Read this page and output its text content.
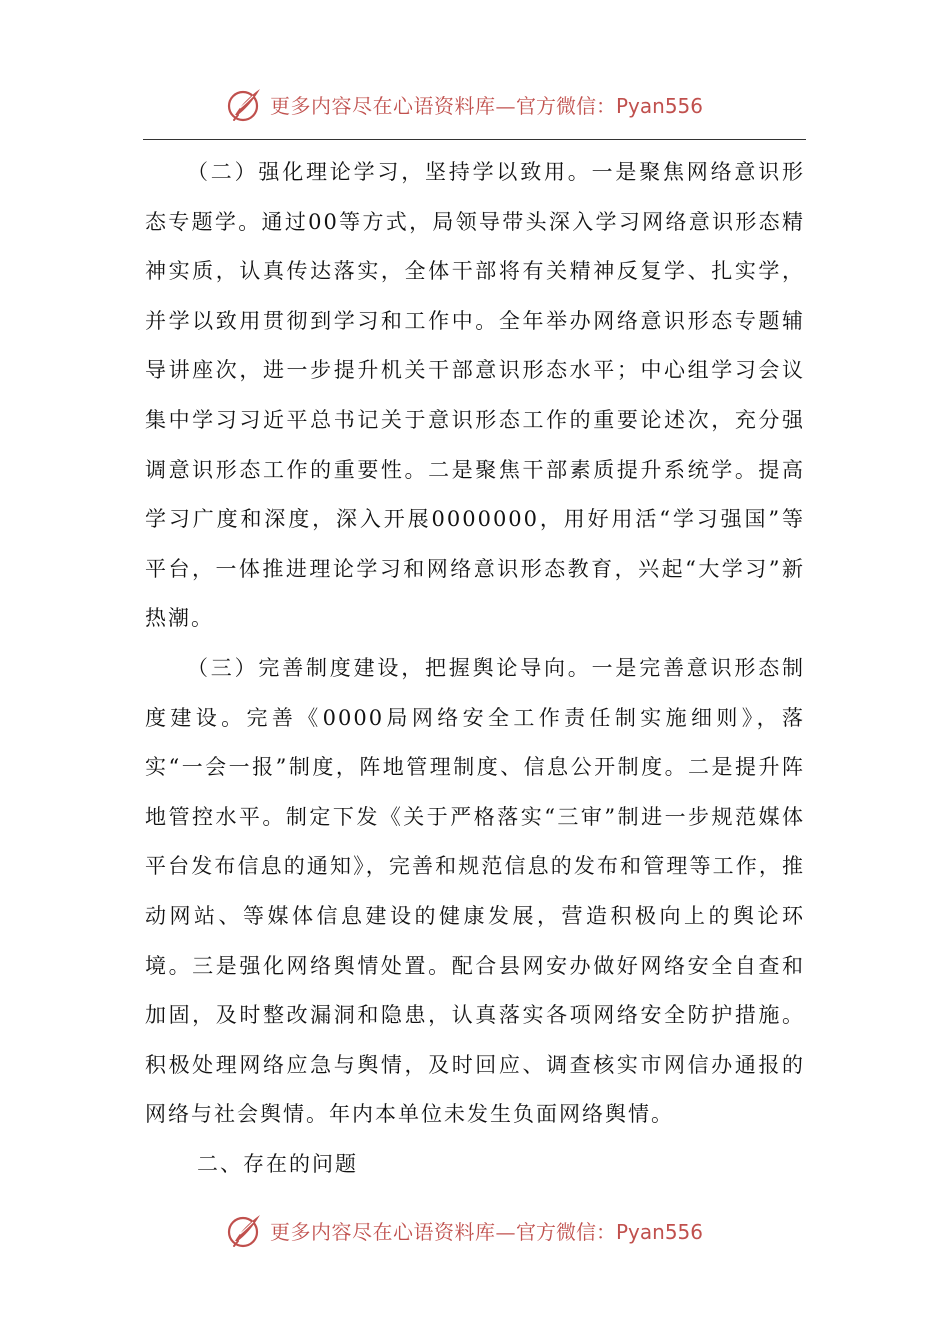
更多内容尽在心语资料库— 官方微信：Pyan556

（二）强化理论学习，坚持学以致用。一是聚焦网络意识形态专题学。通过00等方式，局领导带头深入学习网络意识形态精神实质，认真传达落实，全体干部将有关精神反复学、扎实学，并学以致用贯彻到学习和工作中。全年举办网络意识形态专题辅导讲座次，进一步提升机关干部意识形态水平；中心组学习会议集中学习习近平总书记关于意识形态工作的重要论述次，充分强调意识形态工作的重要性。二是聚焦干部素质提升系统学。提高学习广度和深度，深入开展0000000，用好用活“学习强国”等平台，一体推进理论学习和网络意识形态教育，兴起“大学习”新热潮。

（三）完善制度建设，把握舆论导向。一是完善意识形态制度建设。完善《0000局网络安全工作责任制实施细则》，落实“一会一报”制度，阵地管理制度、信息公开制度。二是提升阵地管控水平。制定下发《关于严格落实“三审”制进一步规范媒体平台发布信息的通知》，完善和规范信息的发布和管理等工作，推动网站、等媒体信息建设的健康发展，营造积极向上的舆论环境。三是强化网络舆情处置。配合县网安办做好网络安全自查和加固，及时整改漏洞和隐患，认真落实各项网络安全防护措施。积极处理网络应急与舆情，及时回应、调查核实市网信办通报的网络与社会舆情。年内本单位未发生负面网络舆情。

二、存在的问题

更多内容尽在心语资料库— 官方微信：Pyan556
